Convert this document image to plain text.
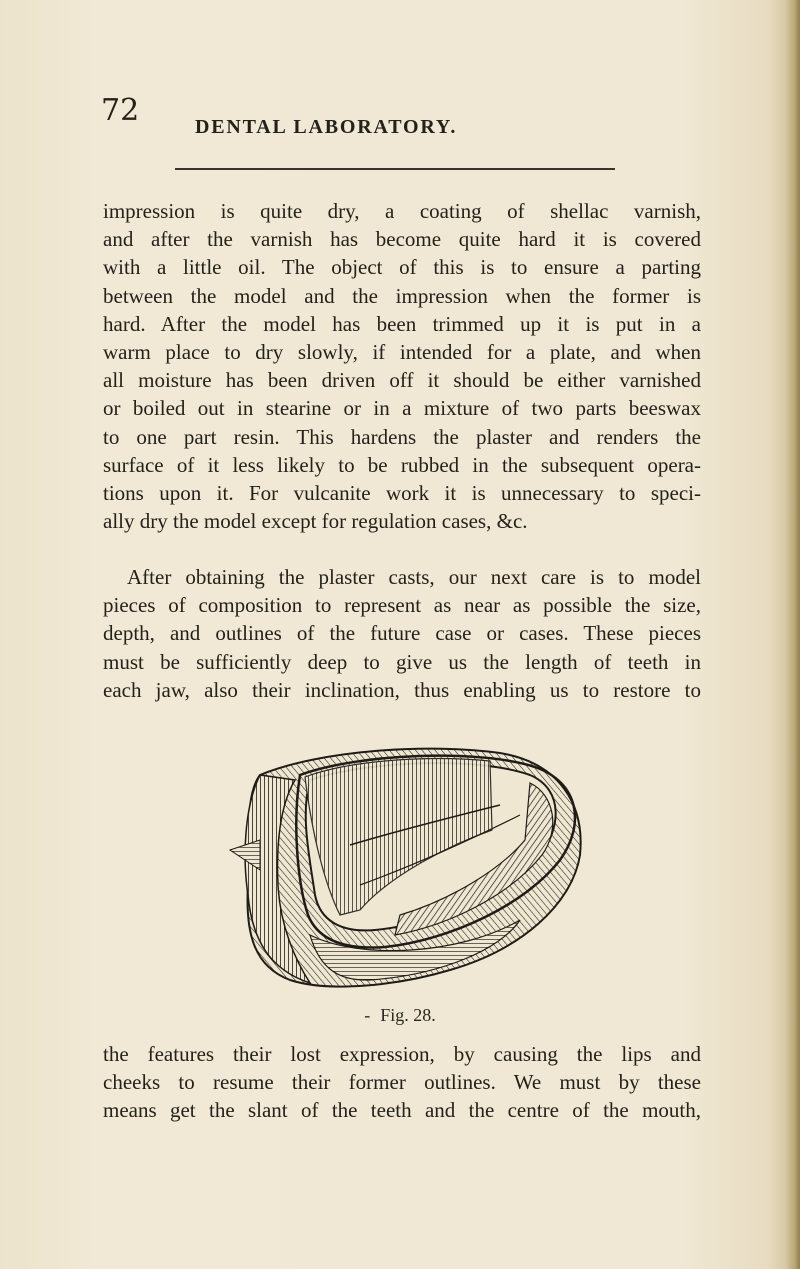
72	DENTAL LABORATORY.
impression is quite dry, a coating of shellac varnish,
and after the varnish has become quite hard it is covered
with a little oil. The object of this is to ensure a parting
between the model and the impression when the former is
hard. After the model has been trimmed up it is put in a
warm place to dry slowly, if intended for a plate, and when
all moisture has been driven off it should be either varnished
or boiled out in stearine or in a mixture of two parts beeswax
to one part resin. This hardens the plaster and renders the
surface of it less likely to be rubbed in the subsequent opera-
tions upon it. For vulcanite work it is unnecessary to speci-
ally dry the model except for regulation cases, &c.
After obtaining the plaster casts, our next care is to model
pieces of composition to represent as near as possible the size,
depth, and outlines of the future case or cases. These pieces
must be sufficiently deep to give us the length of teeth in
each jaw, also their inclination, thus enabling us to restore to
- Fig. 28.
the features their lost expression, by causing the lips and
cheeks to resume their former outlines. We must by these
means get the slant of the teeth and the centre of the mouth,
